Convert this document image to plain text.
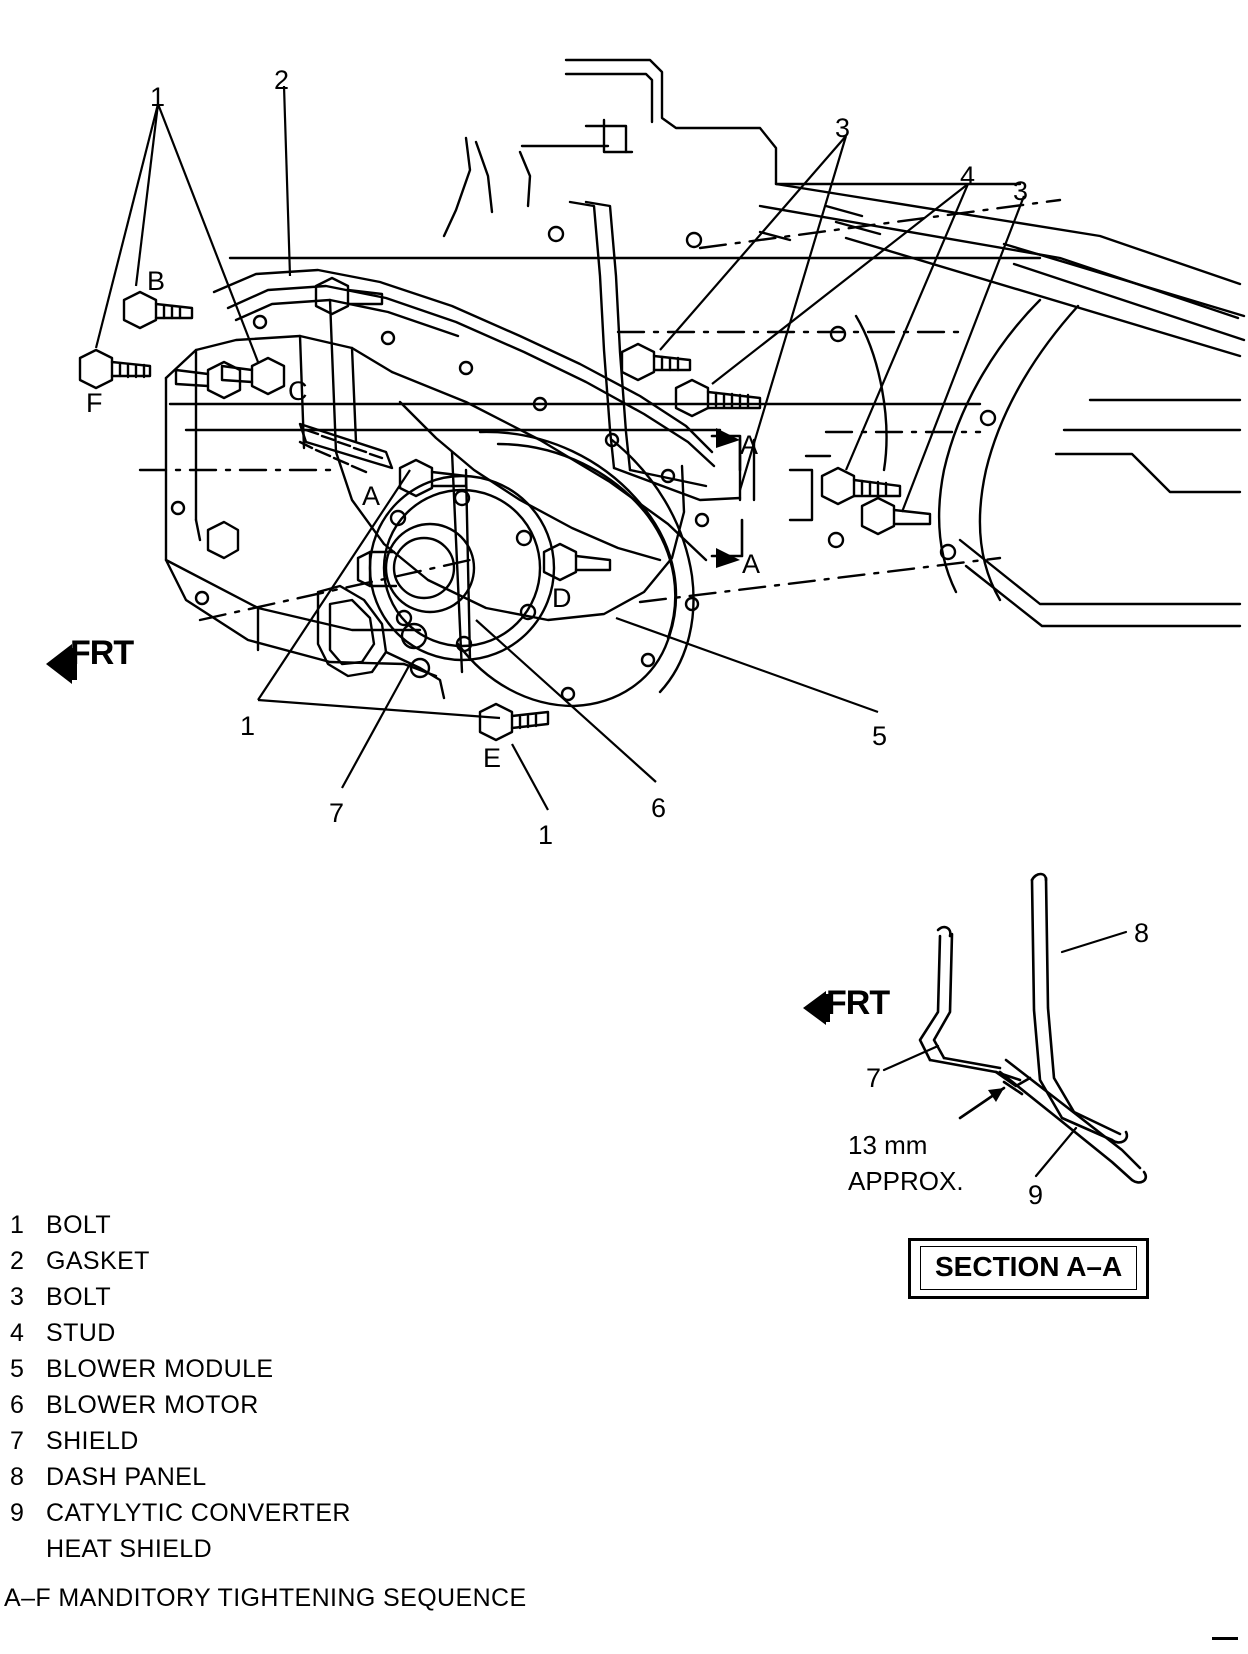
1
2
3
4 3
B
F	C
A
A
A
D
E
1
7
1
6
5
FRT
8
7
9
FRT
13 mm
APPROX.
SECTION A–A
1 BOLT
2 GASKET
3 BOLT
4 STUD
5 BLOWER MODULE
6 BLOWER MOTOR
7 SHIELD
8 DASH PANEL
9 CATYLYTIC CONVERTER
HEAT SHIELD
A–F MANDITORY TIGHTENING SEQUENCE
